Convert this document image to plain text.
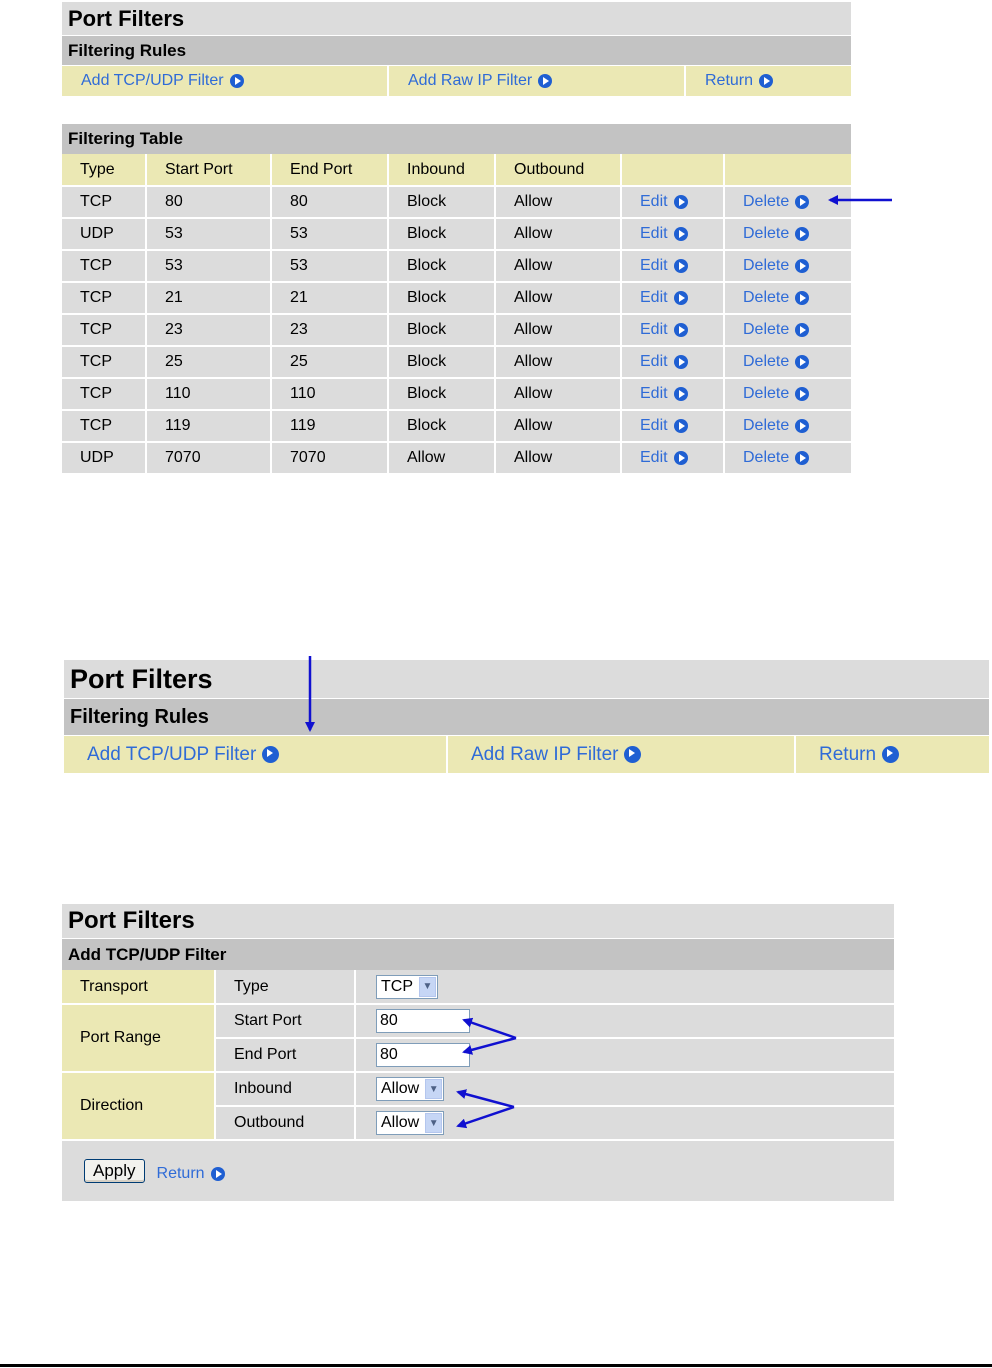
Port Filters
Filtering Rules
Add TCP/UDP Filter	Add Raw IP Filter	Return
Filtering Table
Type	Start Port	End Port	Inbound	Outbound		
TCP	80	80	Block	Allow	Edit	Delete

UDP	53	53	Block	Allow	Edit	Delete

TCP	53	53	Block	Allow	Edit	Delete

TCP	21	21	Block	Allow	Edit	Delete

TCP	23	23	Block	Allow	Edit	Delete

TCP	25	25	Block	Allow	Edit	Delete

TCP	110	110	Block	Allow	Edit	Delete

TCP	119	119	Block	Allow	Edit	Delete

UDP	7070	7070	Allow	Allow	Edit	Delete
Port Filters
Filtering Rules
Add TCP/UDP Filter	Add Raw IP Filter	Return
Port Filters
Add TCP/UDP Filter
Transport	Type	TCP ▼

Port Range	Start Port	80
	End Port	80
Direction	Inbound	Allow ▼

	Outbound	Allow ▼
Apply	Return
